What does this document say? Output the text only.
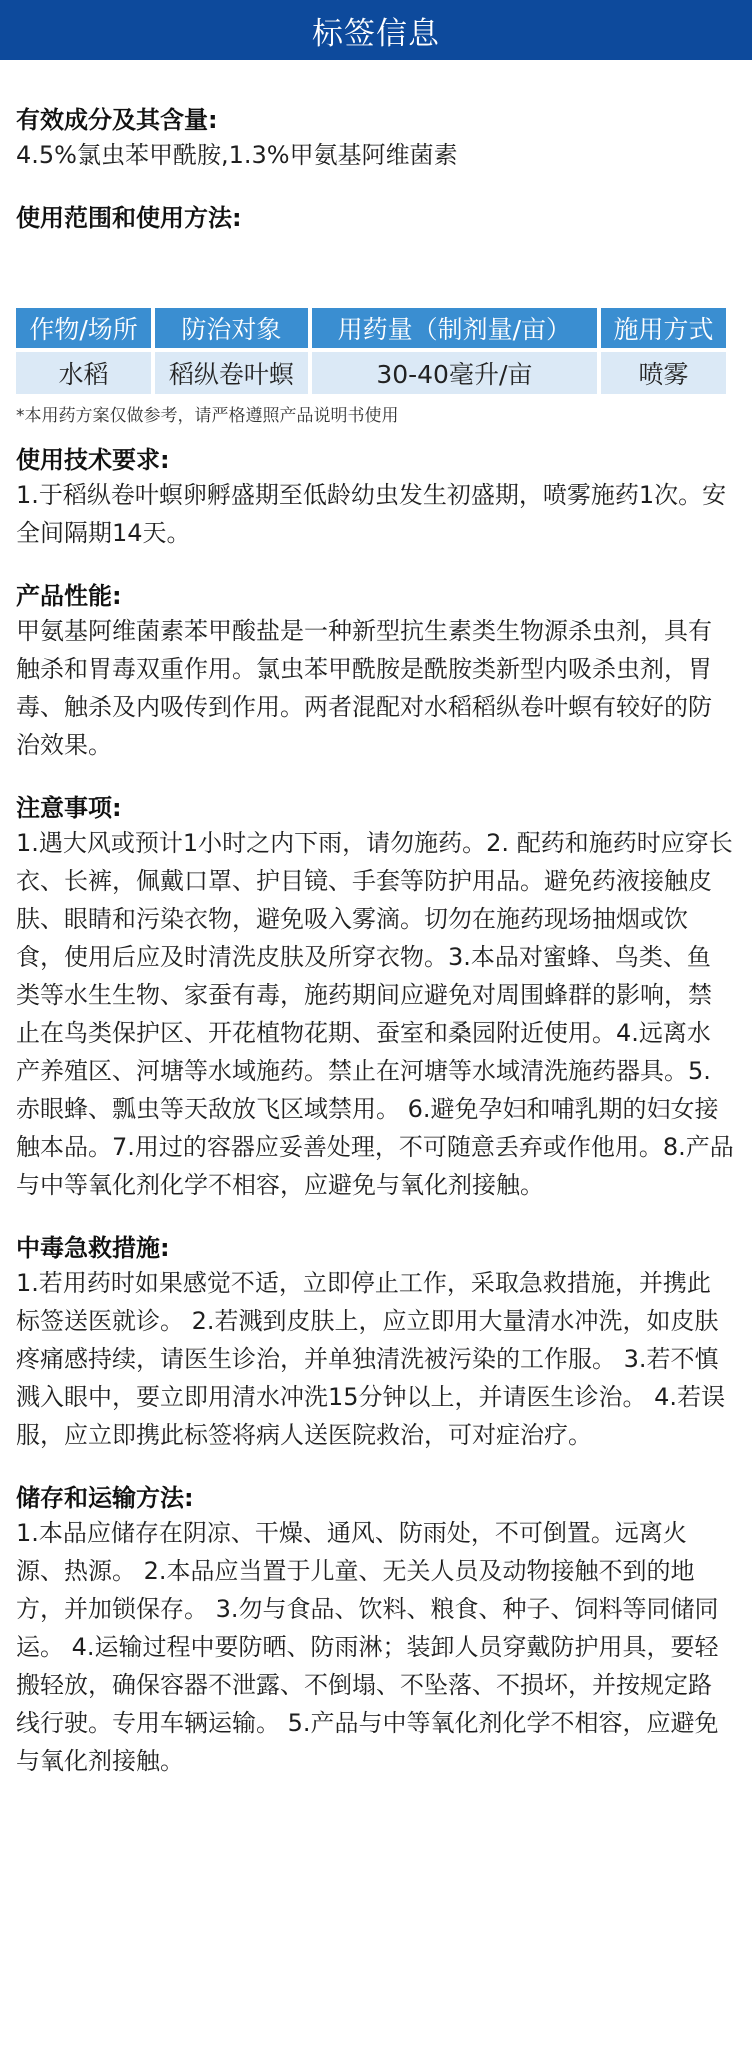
标签信息

有效成分及其含量:

4.5%氯虫苯甲酰胺,1.3%甲氨基阿维菌素

使用范围和使用方法:

作物/场所	防治对象	用药量（制剂量/亩）	施用方式
水稻	稻纵卷叶螟	30-40毫升/亩	喷雾

*本用药方案仅做参考，请严格遵照产品说明书使用

使用技术要求:

1.于稻纵卷叶螟卵孵盛期至低龄幼虫发生初盛期，喷雾施药1次。安全间隔期14天。

产品性能:

甲氨基阿维菌素苯甲酸盐是一种新型抗生素类生物源杀虫剂，具有触杀和胃毒双重作用。氯虫苯甲酰胺是酰胺类新型内吸杀虫剂，胃毒、触杀及内吸传到作用。两者混配对水稻稻纵卷叶螟有较好的防治效果。

注意事项:

1.遇大风或预计1小时之内下雨，请勿施药。2. 配药和施药时应穿长衣、长裤，佩戴口罩、护目镜、手套等防护用品。避免药液接触皮肤、眼睛和污染衣物，避免吸入雾滴。切勿在施药现场抽烟或饮食，使用后应及时清洗皮肤及所穿衣物。3.本品对蜜蜂、鸟类、鱼类等水生生物、家蚕有毒，施药期间应避免对周围蜂群的影响，禁止在鸟类保护区、开花植物花期、蚕室和桑园附近使用。4.远离水产养殖区、河塘等水域施药。禁止在河塘等水域清洗施药器具。5.赤眼蜂、瓢虫等天敌放飞区域禁用。 6.避免孕妇和哺乳期的妇女接触本品。7.用过的容器应妥善处理，不可随意丢弃或作他用。8.产品与中等氧化剂化学不相容，应避免与氧化剂接触。

中毒急救措施:

1.若用药时如果感觉不适，立即停止工作，采取急救措施，并携此标签送医就诊。 2.若溅到皮肤上，应立即用大量清水冲洗，如皮肤疼痛感持续，请医生诊治，并单独清洗被污染的工作服。 3.若不慎溅入眼中，要立即用清水冲洗15分钟以上，并请医生诊治。 4.若误服，应立即携此标签将病人送医院救治，可对症治疗。

储存和运输方法:

1.本品应储存在阴凉、干燥、通风、防雨处，不可倒置。远离火源、热源。 2.本品应当置于儿童、无关人员及动物接触不到的地方，并加锁保存。 3.勿与食品、饮料、粮食、种子、饲料等同储同运。 4.运输过程中要防晒、防雨淋；装卸人员穿戴防护用具，要轻搬轻放，确保容器不泄露、不倒塌、不坠落、不损坏，并按规定路线行驶。专用车辆运输。 5.产品与中等氧化剂化学不相容，应避免与氧化剂接触。
